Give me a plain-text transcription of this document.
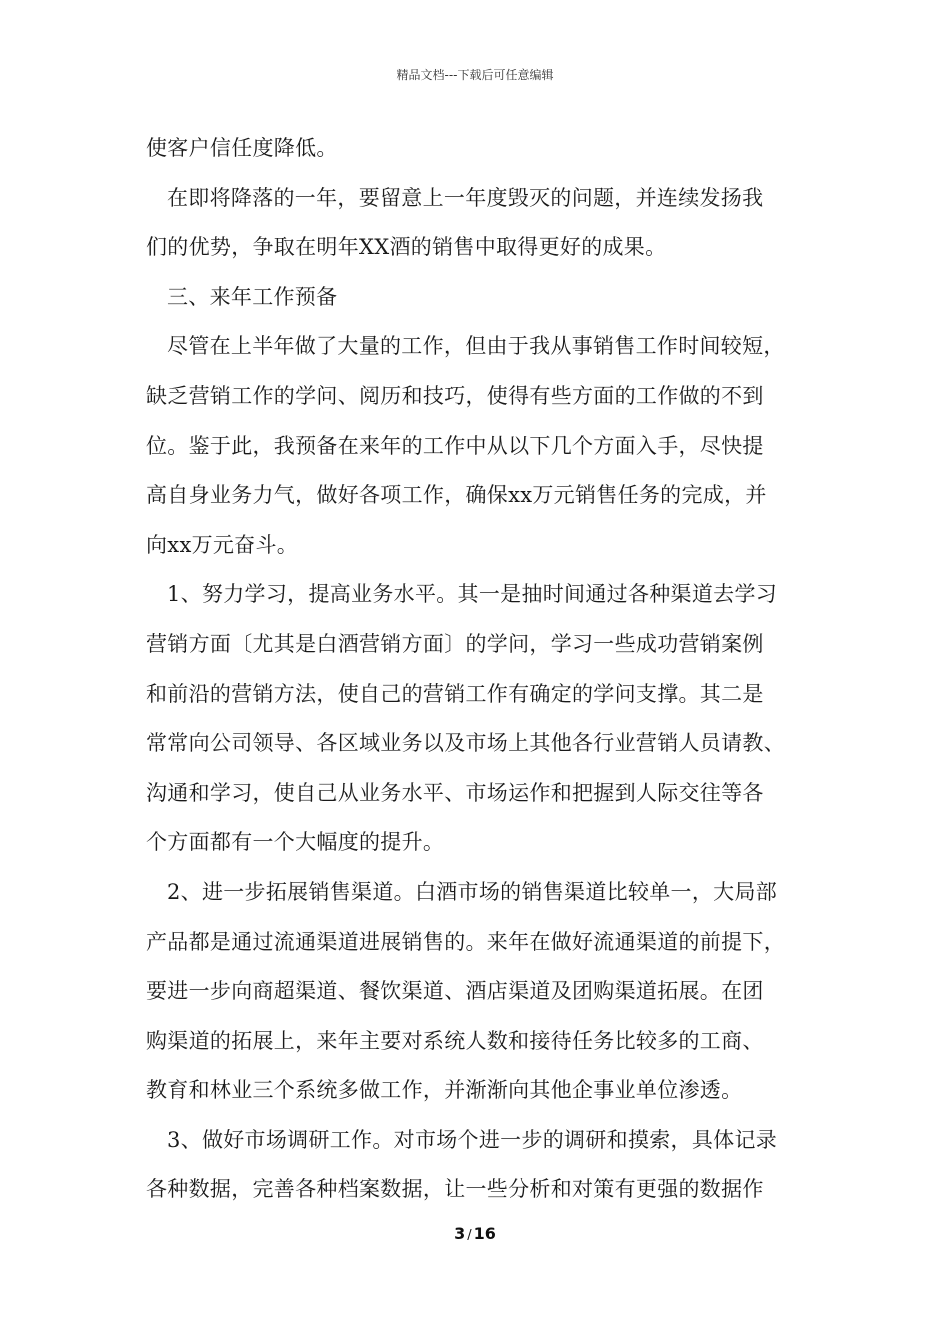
精品文档---下载后可任意编辑
使客户信任度降低。
在即将降落的一年，要留意上一年度毁灭的问题，并连续发扬我
们的优势，争取在明年XX酒的销售中取得更好的成果。
三、来年工作预备
尽管在上半年做了大量的工作，但由于我从事销售工作时间较短，
缺乏营销工作的学问、阅历和技巧，使得有些方面的工作做的不到
位。鉴于此，我预备在来年的工作中从以下几个方面入手，尽快提
高自身业务力气，做好各项工作，确保xx万元销售任务的完成，并
向xx万元奋斗。
1、努力学习，提高业务水平。其一是抽时间通过各种渠道去学习
营销方面〔尤其是白酒营销方面〕的学问，学习一些成功营销案例
和前沿的营销方法，使自己的营销工作有确定的学问支撑。其二是
常常向公司领导、各区域业务以及市场上其他各行业营销人员请教、
沟通和学习，使自己从业务水平、市场运作和把握到人际交往等各
个方面都有一个大幅度的提升。
2、进一步拓展销售渠道。白酒市场的销售渠道比较单一，大局部
产品都是通过流通渠道进展销售的。来年在做好流通渠道的前提下，
要进一步向商超渠道、餐饮渠道、酒店渠道及团购渠道拓展。在团
购渠道的拓展上，来年主要对系统人数和接待任务比较多的工商、
教育和林业三个系统多做工作，并渐渐向其他企事业单位渗透。
3、做好市场调研工作。对市场个进一步的调研和摸索，具体记录
各种数据，完善各种档案数据，让一些分析和对策有更强的数据作
3 / 16
